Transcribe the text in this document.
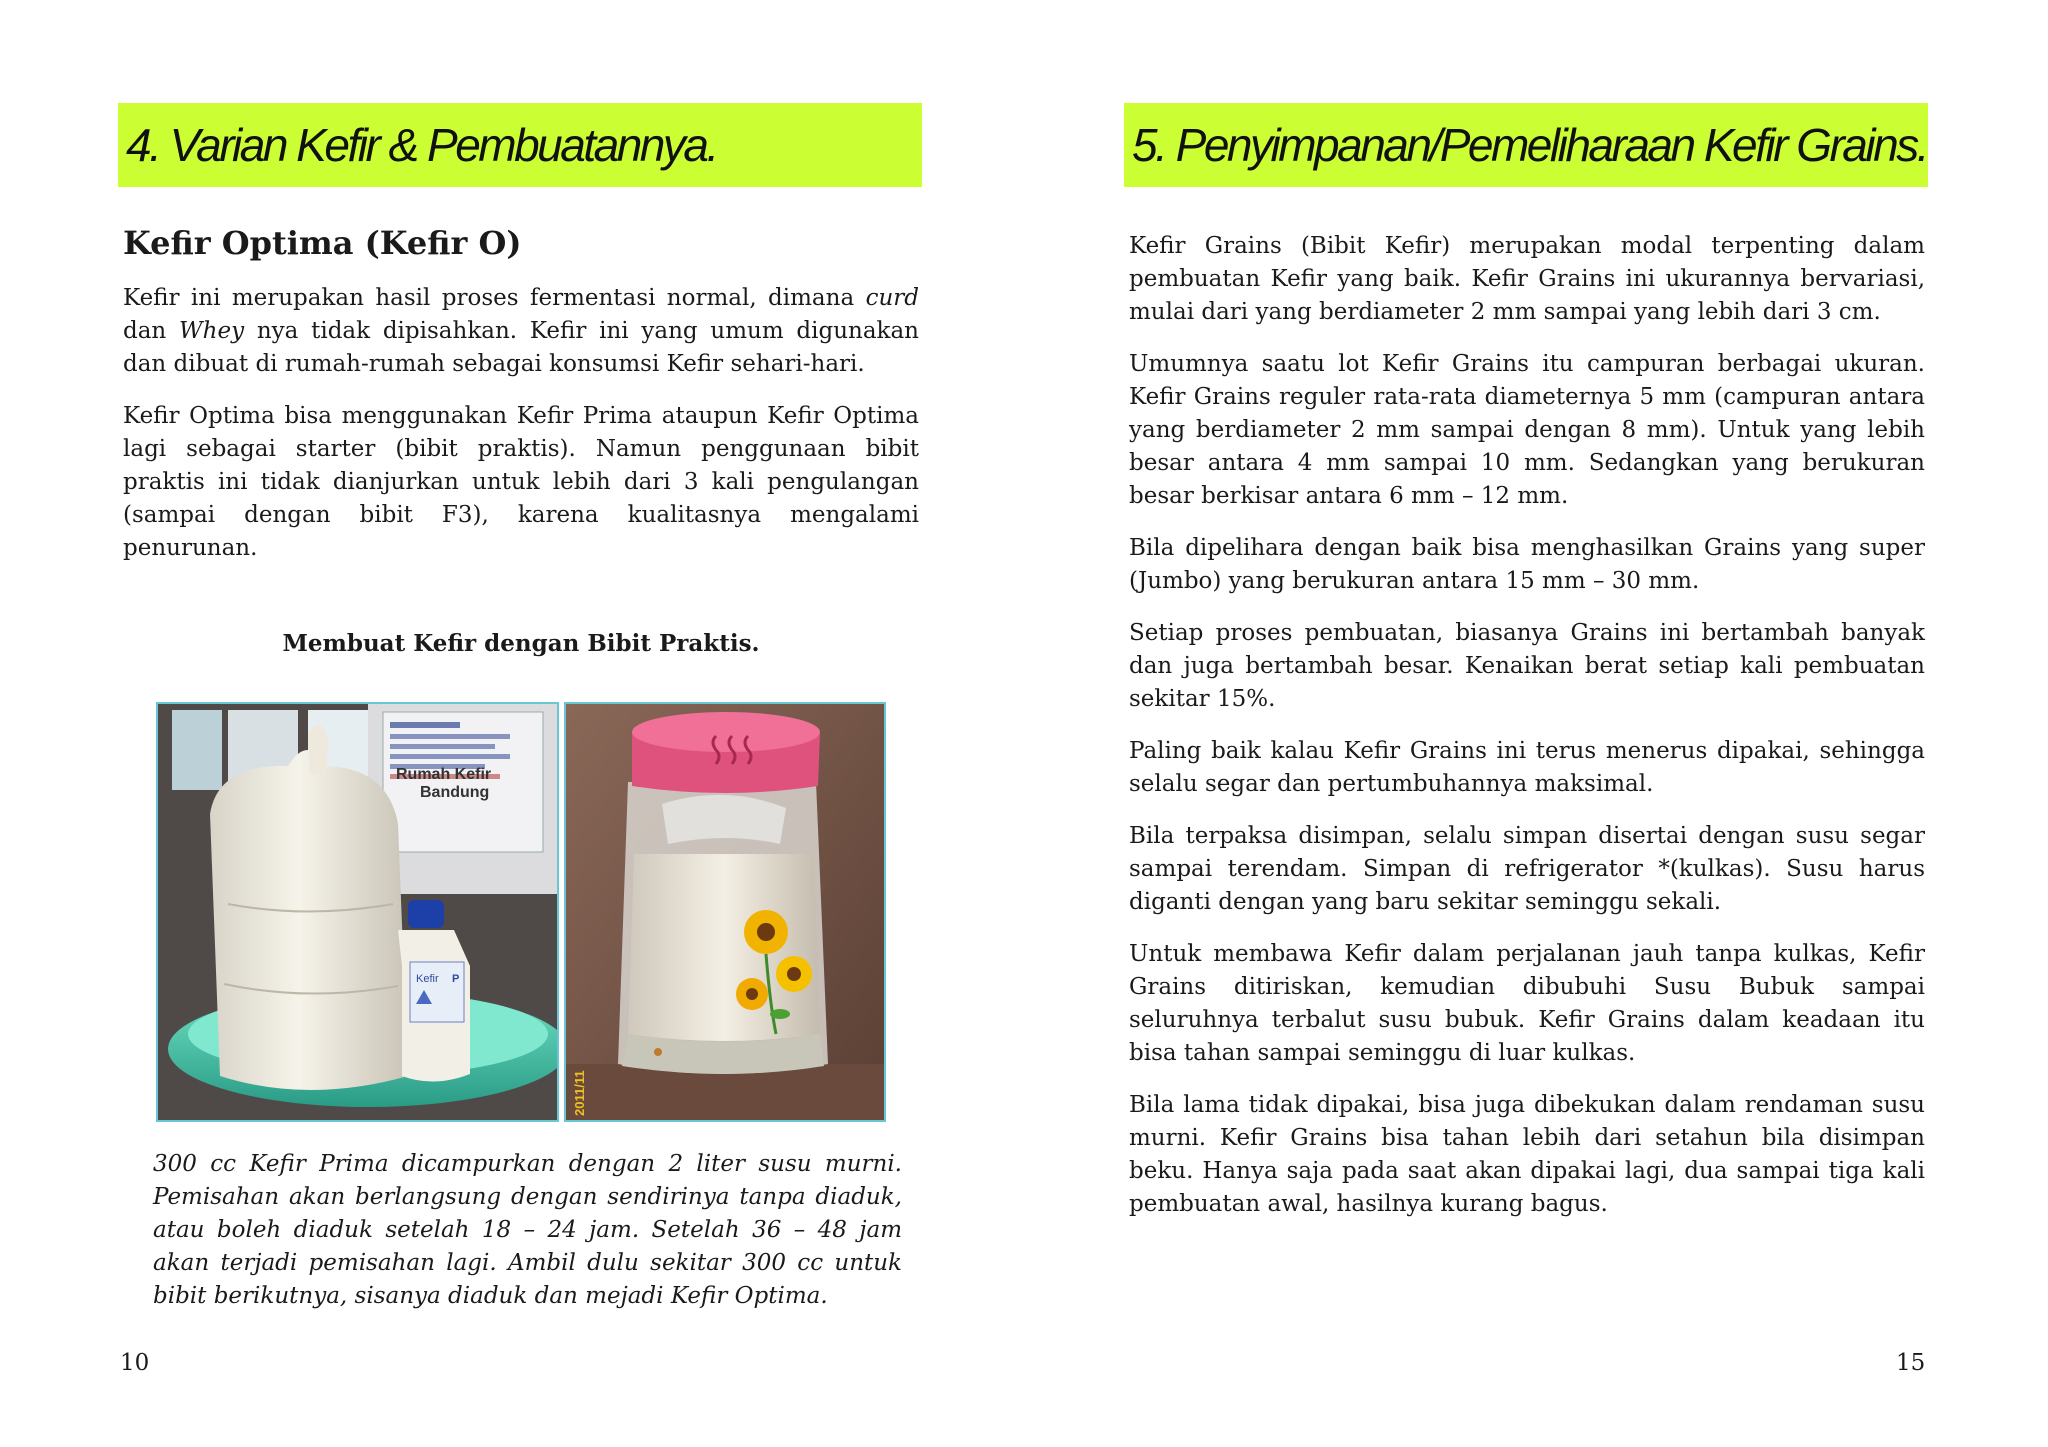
4. Varian Kefir & Pembuatannya.
Kefir Optima (Kefir O)

Kefir ini merupakan hasil proses fermentasi normal, dimana curd dan Whey nya tidak dipisahkan. Kefir ini yang umum digunakan dan dibuat di rumah-rumah sebagai konsumsi Kefir sehari-hari.

Kefir Optima bisa menggunakan Kefir Prima ataupun Kefir Optima lagi sebagai starter (bibit praktis). Namun penggunaan bibit praktis ini tidak dianjurkan untuk lebih dari 3 kali pengulangan (sampai dengan bibit F3), karena kualitasnya mengalami penurunan.

Membuat Kefir dengan Bibit Praktis.

Rumah Kefir
Bandung
Kefir P
2011/11

300 cc Kefir Prima dicampurkan dengan 2 liter susu murni. Pemisahan akan berlangsung dengan sendirinya tanpa diaduk, atau boleh diaduk setelah 18 – 24 jam. Setelah 36 – 48 jam akan terjadi pemisahan lagi. Ambil dulu sekitar 300 cc untuk bibit berikutnya, sisanya diaduk dan mejadi Kefir Optima.

10

5. Penyimpanan/Pemeliharaan Kefir Grains.

Kefir Grains (Bibit Kefir) merupakan modal terpenting dalam pembuatan Kefir yang baik. Kefir Grains ini ukurannya bervariasi, mulai dari yang berdiameter 2 mm sampai yang lebih dari 3 cm.

Umumnya saatu lot Kefir Grains itu campuran berbagai ukuran. Kefir Grains reguler rata-rata diameternya 5 mm (campuran antara yang berdiameter 2 mm sampai dengan 8 mm). Untuk yang lebih besar antara 4 mm sampai 10 mm. Sedangkan yang berukuran besar berkisar antara 6 mm – 12 mm.

Bila dipelihara dengan baik bisa menghasilkan Grains yang super (Jumbo) yang berukuran antara 15 mm – 30 mm.

Setiap proses pembuatan, biasanya Grains ini bertambah banyak dan juga bertambah besar. Kenaikan berat setiap kali pembuatan sekitar 15%.

Paling baik kalau Kefir Grains ini terus menerus dipakai, sehingga selalu segar dan pertumbuhannya maksimal.

Bila terpaksa disimpan, selalu simpan disertai dengan susu segar sampai terendam. Simpan di refrigerator *(kulkas). Susu harus diganti dengan yang baru sekitar seminggu sekali.

Untuk membawa Kefir dalam perjalanan jauh tanpa kulkas, Kefir Grains ditiriskan, kemudian dibubuhi Susu Bubuk sampai seluruhnya terbalut susu bubuk. Kefir Grains dalam keadaan itu bisa tahan sampai seminggu di luar kulkas.

Bila lama tidak dipakai, bisa juga dibekukan dalam rendaman susu murni. Kefir Grains bisa tahan lebih dari setahun bila disimpan beku. Hanya saja pada saat akan dipakai lagi, dua sampai tiga kali pembuatan awal, hasilnya kurang bagus.

15
